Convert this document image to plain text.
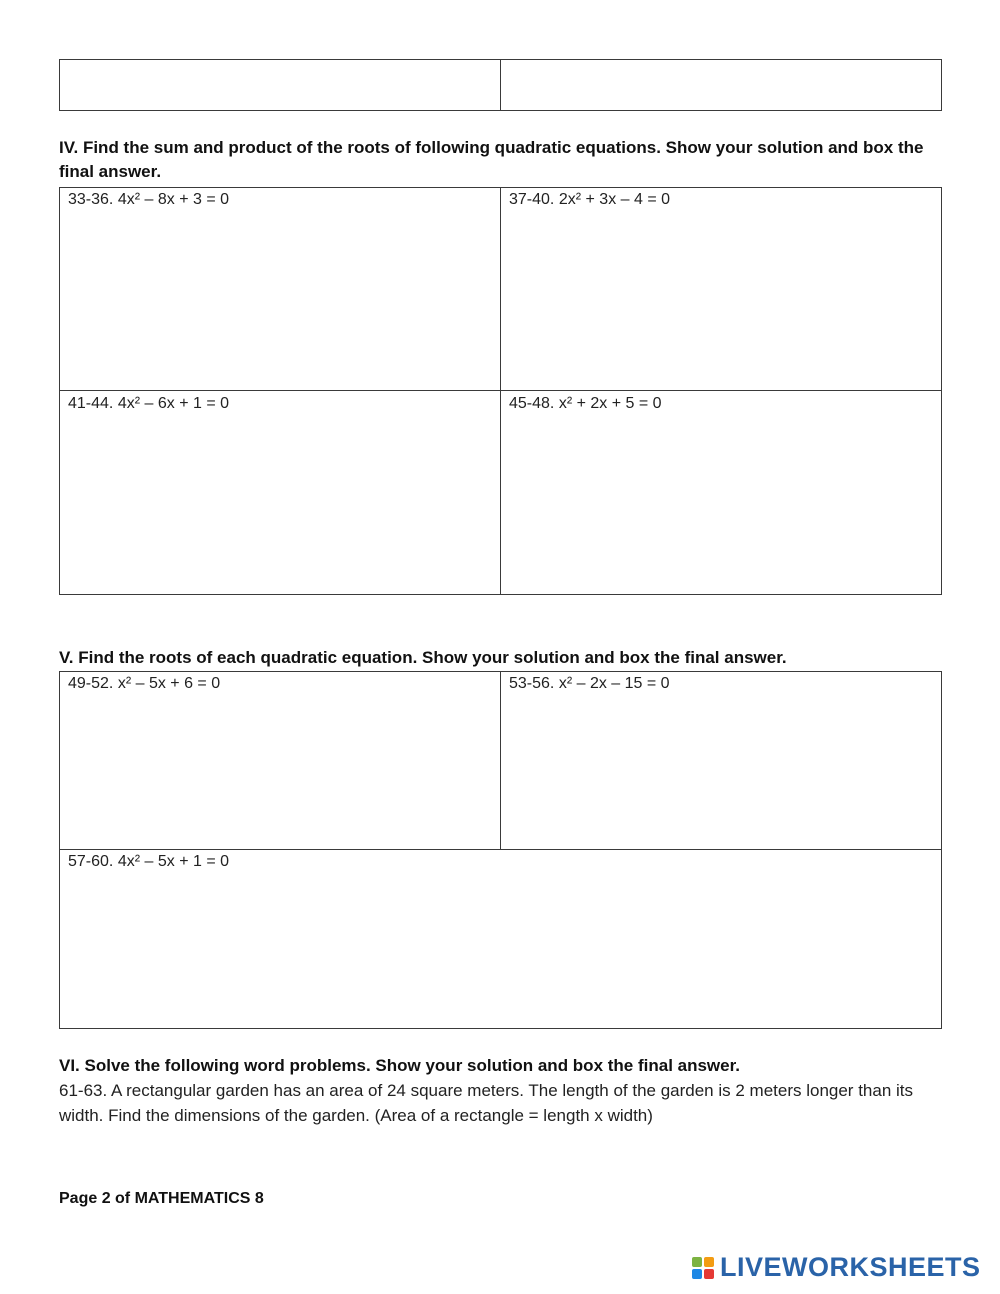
IV. Find the sum and product of the roots of following quadratic equations. Show your solution and box the final answer.
33-36. 4x² – 8x + 3 = 0	37-40. 2x² + 3x – 4 = 0
41-44. 4x² – 6x + 1 = 0	45-48. x² + 2x + 5 = 0
V. Find the roots of each quadratic equation. Show your solution and box the final answer.
49-52. x² – 5x + 6 = 0	53-56. x² – 2x – 15 = 0
57-60. 4x² – 5x + 1 = 0
VI. Solve the following word problems. Show your solution and box the final answer.
61-63. A rectangular garden has an area of 24 square meters. The length of the garden is 2 meters longer than its width. Find the dimensions of the garden. (Area of a rectangle = length x width)
Page 2 of MATHEMATICS 8
LIVEWORKSHEETS
